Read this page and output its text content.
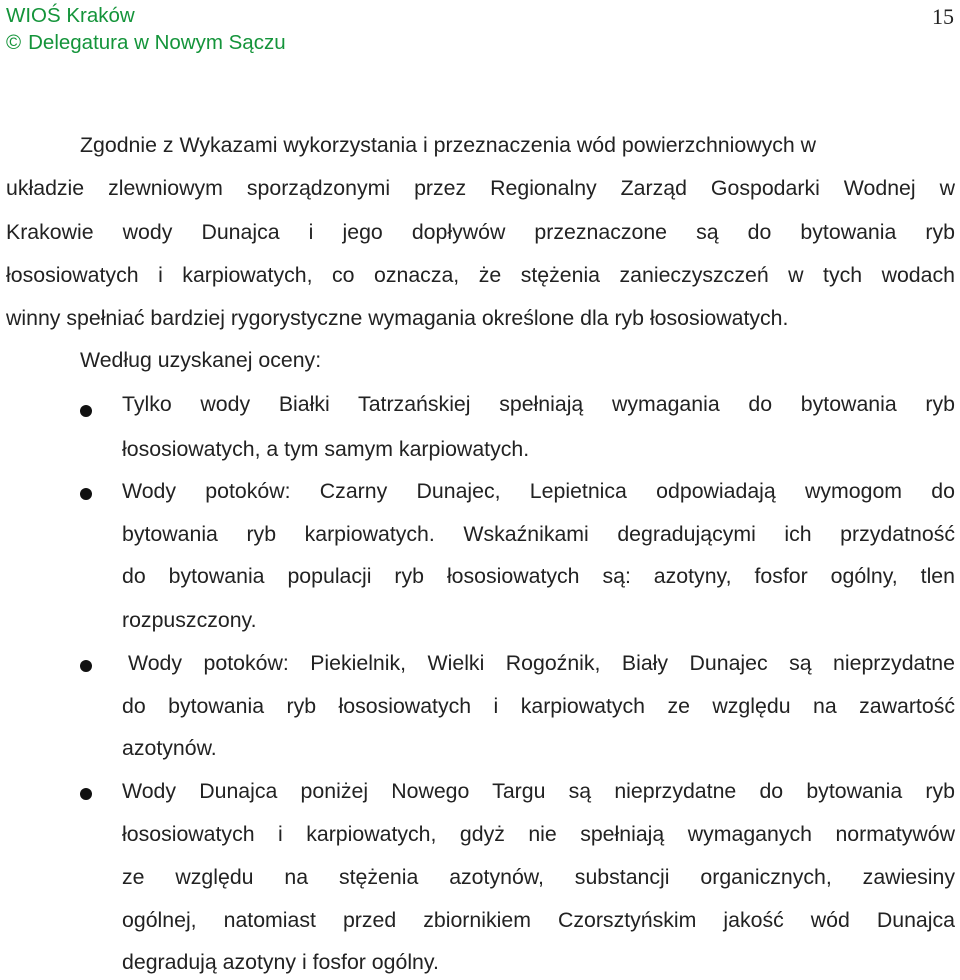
WIOŚ Kraków
© Delegatura w Nowym Sączu
15
Zgodnie z Wykazami wykorzystania i przeznaczenia wód powierzchniowych w
układzie zlewniowym sporządzonymi przez Regionalny Zarząd Gospodarki Wodnej w
Krakowie wody Dunajca i jego dopływów przeznaczone są do bytowania ryb
łososiowatych i karpiowatych, co oznacza, że stężenia zanieczyszczeń w tych wodach
winny spełniać bardziej rygorystyczne wymagania określone dla ryb łososiowatych.
Według uzyskanej oceny:
Tylko wody Białki Tatrzańskiej spełniają wymagania do bytowania ryb
łososiowatych, a tym samym karpiowatych.
Wody potoków: Czarny Dunajec, Lepietnica odpowiadają wymogom do
bytowania ryb karpiowatych. Wskaźnikami degradującymi ich przydatność
do bytowania populacji ryb łososiowatych są: azotyny, fosfor ogólny, tlen
rozpuszczony.
Wody potoków: Piekielnik, Wielki Rogoźnik, Biały Dunajec są nieprzydatne
do bytowania ryb łososiowatych i karpiowatych ze względu na zawartość
azotynów.
Wody Dunajca poniżej Nowego Targu są nieprzydatne do bytowania ryb
łososiowatych i karpiowatych, gdyż nie spełniają wymaganych normatywów
ze względu na stężenia azotynów, substancji organicznych, zawiesiny
ogólnej, natomiast przed zbiornikiem Czorsztyńskim jakość wód Dunajca
degradują azotyny i fosfor ogólny.
